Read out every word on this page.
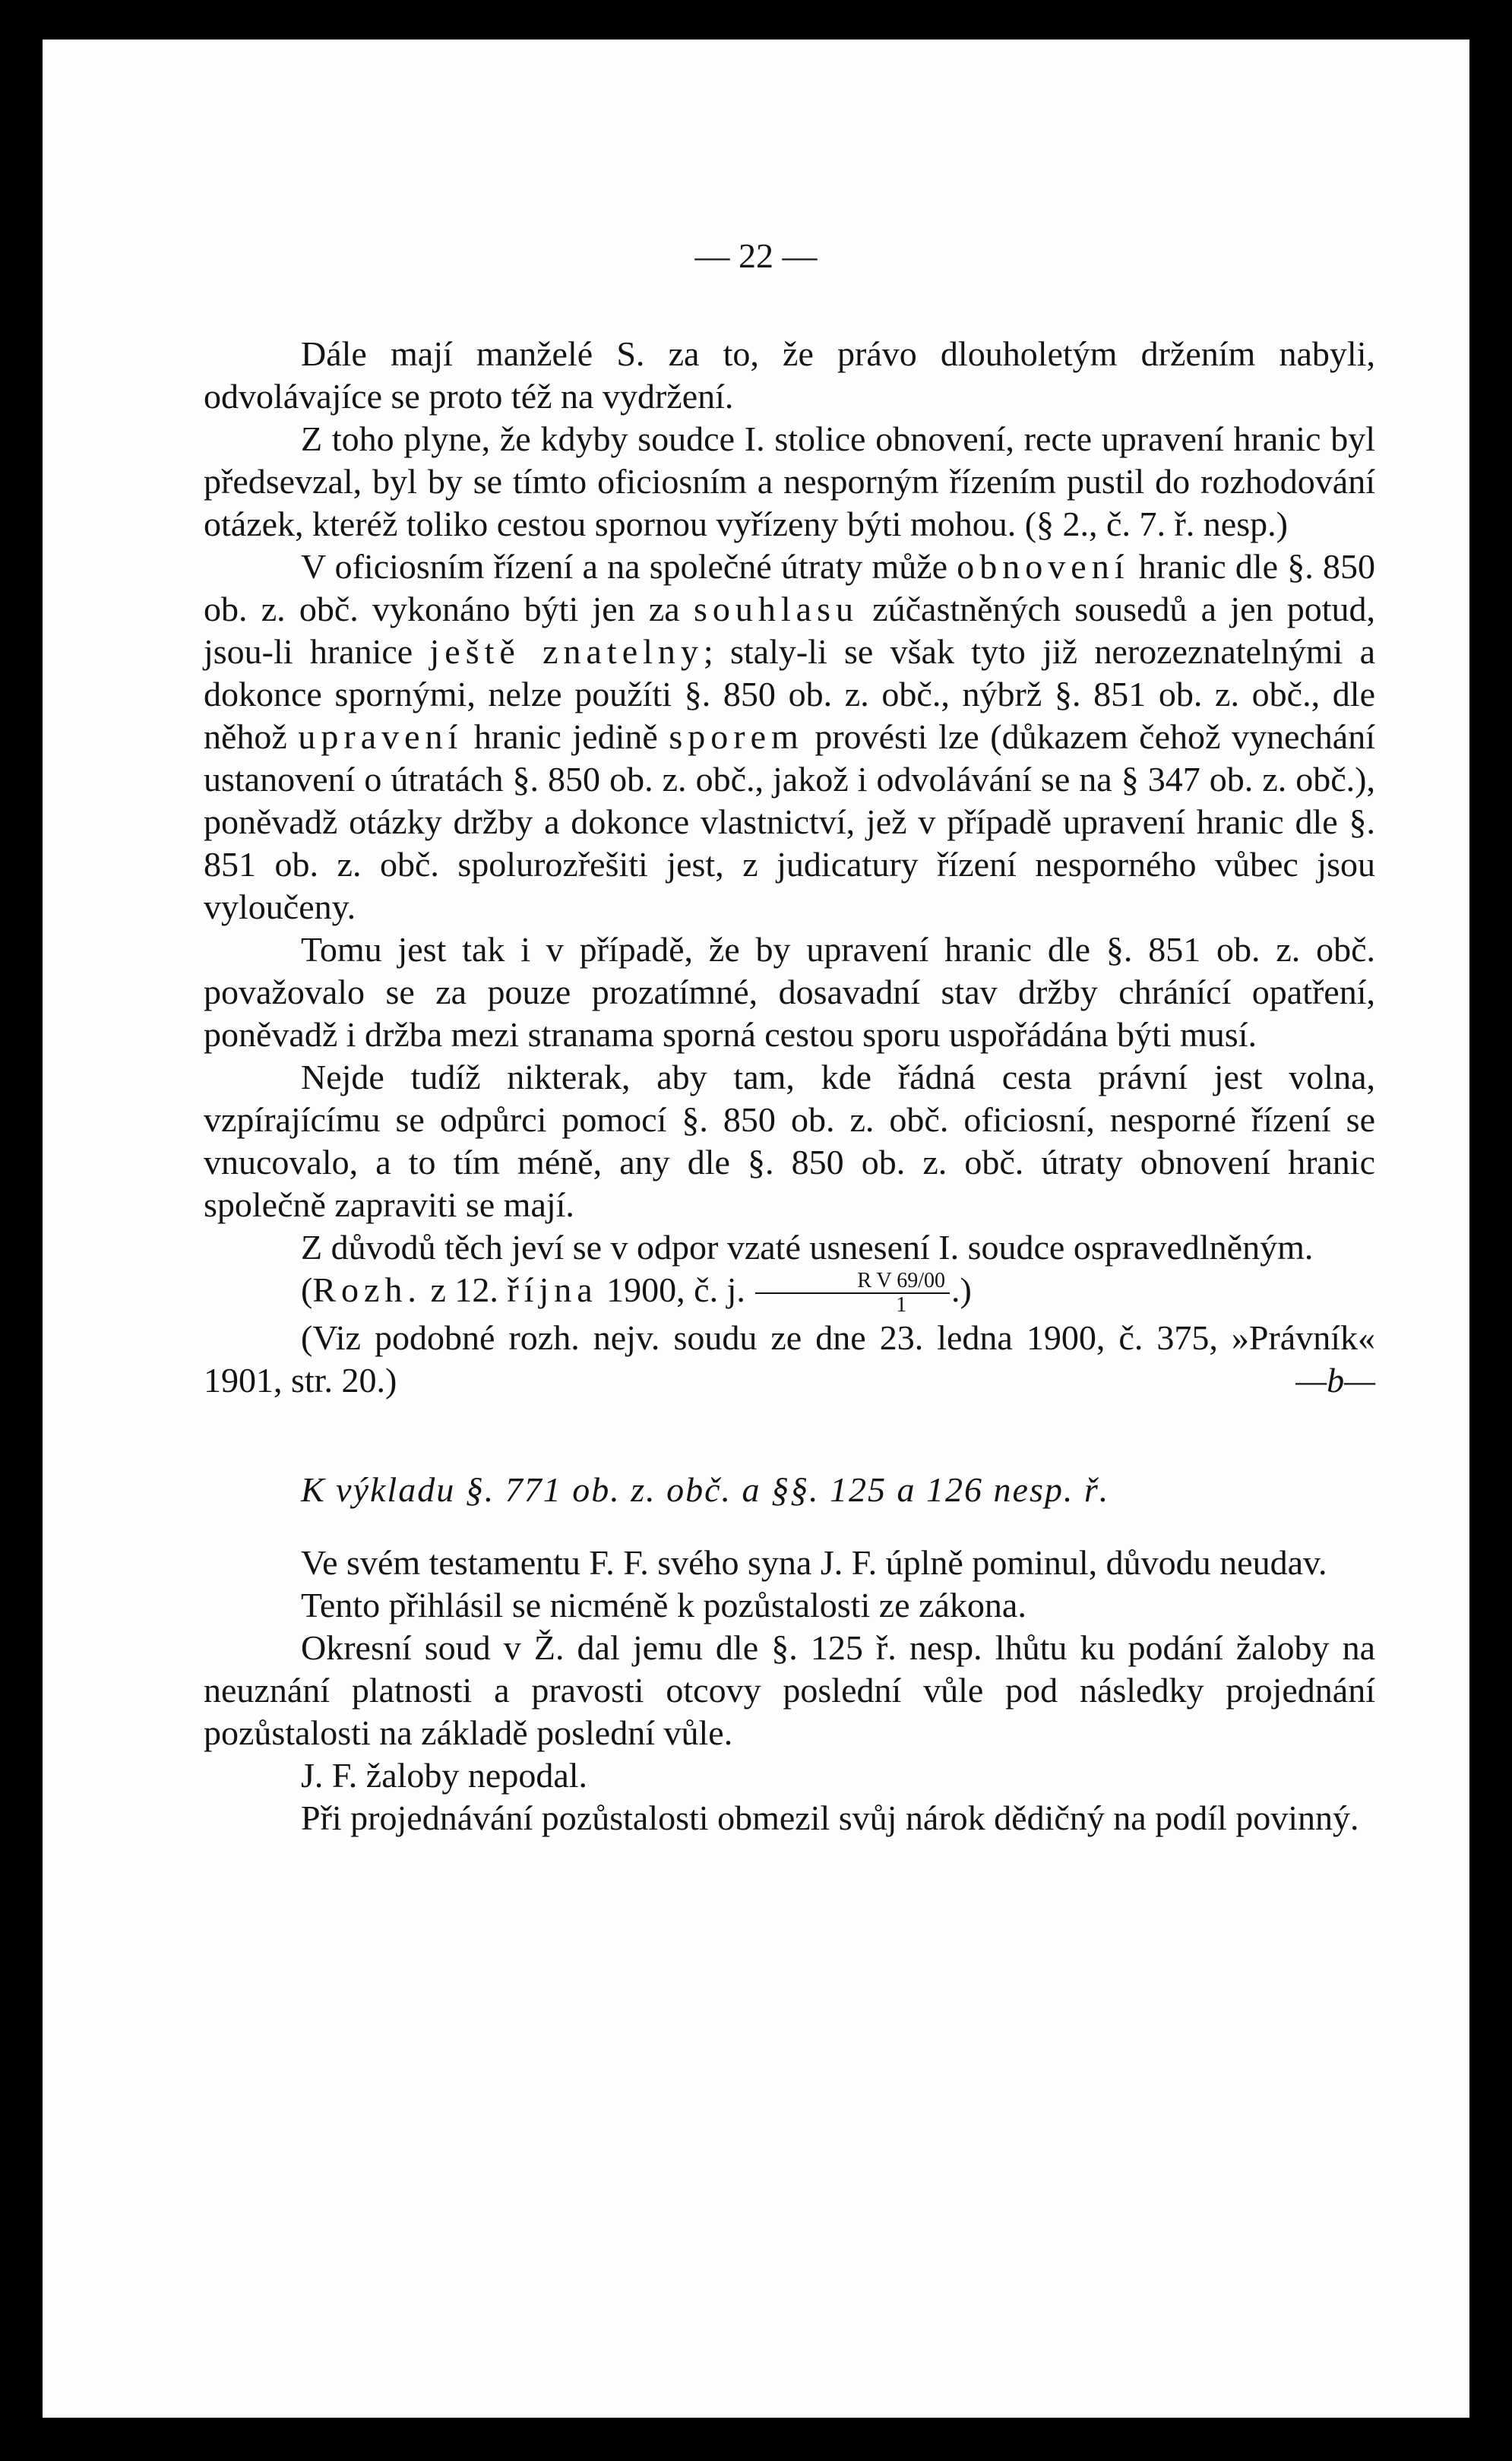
— 22 —

Dále mají manželé S. za to, že právo dlouholetým držením nabyli, odvolávajíce se proto též na vydržení.

Z toho plyne, že kdyby soudce I. stolice obnovení, recte upravení hranic byl předsevzal, byl by se tímto oficiosním a nesporným řízením pustil do rozhodování otázek, kteréž toliko cestou spornou vyřízeny býti mohou. (§ 2., č. 7. ř. nesp.)

V oficiosním řízení a na společné útraty může obnovení hranic dle §. 850 ob. z. obč. vykonáno býti jen za souhlasu zúčastněných sousedů a jen potud, jsou-li hranice ještě znatelny; staly-li se však tyto již nerozeznatelnými a dokonce spornými, nelze použíti §. 850 ob. z. obč., nýbrž §. 851 ob. z. obč., dle něhož upravení hranic jedině sporem provésti lze (důkazem čehož vynechání ustanovení o útratách §. 850 ob. z. obč., jakož i odvolávání se na § 347 ob. z. obč.), poněvadž otázky držby a dokonce vlastnictví, jež v případě upravení hranic dle §. 851 ob. z. obč. spolurozřešiti jest, z judicatury řízení nesporného vůbec jsou vyloučeny.

Tomu jest tak i v případě, že by upravení hranic dle §. 851 ob. z. obč. považovalo se za pouze prozatímné, dosavadní stav držby chránící opatření, poněvadž i držba mezi stranama sporná cestou sporu uspořádána býti musí.

Nejde tudíž nikterak, aby tam, kde řádná cesta právní jest volna, vzpírajícímu se odpůrci pomocí §. 850 ob. z. obč. oficiosní, nesporné řízení se vnucovalo, a to tím méně, any dle §. 850 ob. z. obč. útraty obnovení hranic společně zapraviti se mají.

Z důvodů těch jeví se v odpor vzaté usnesení I. soudce ospravedlněným.

(Rozh. z 12. října 1900, č. j. $\frac{\text{R V 69/00}}{1}$ .)

(Viz podobné rozh. nejv. soudu ze dne 23. ledna 1900, č. 375, »Právník« 1901, str. 20.)	—b—

K výkladu §. 771 ob. z. obč. a §§. 125 a 126 nesp. ř.

Ve svém testamentu F. F. svého syna J. F. úplně pominul, důvodu neudav.

Tento přihlásil se nicméně k pozůstalosti ze zákona.

Okresní soud v Ž. dal jemu dle §. 125 ř. nesp. lhůtu ku podání žaloby na neuznání platnosti a pravosti otcovy poslední vůle pod následky projednání pozůstalosti na základě poslední vůle.

J. F. žaloby nepodal.

Při projednávání pozůstalosti obmezil svůj nárok dědičný na podíl povinný.
